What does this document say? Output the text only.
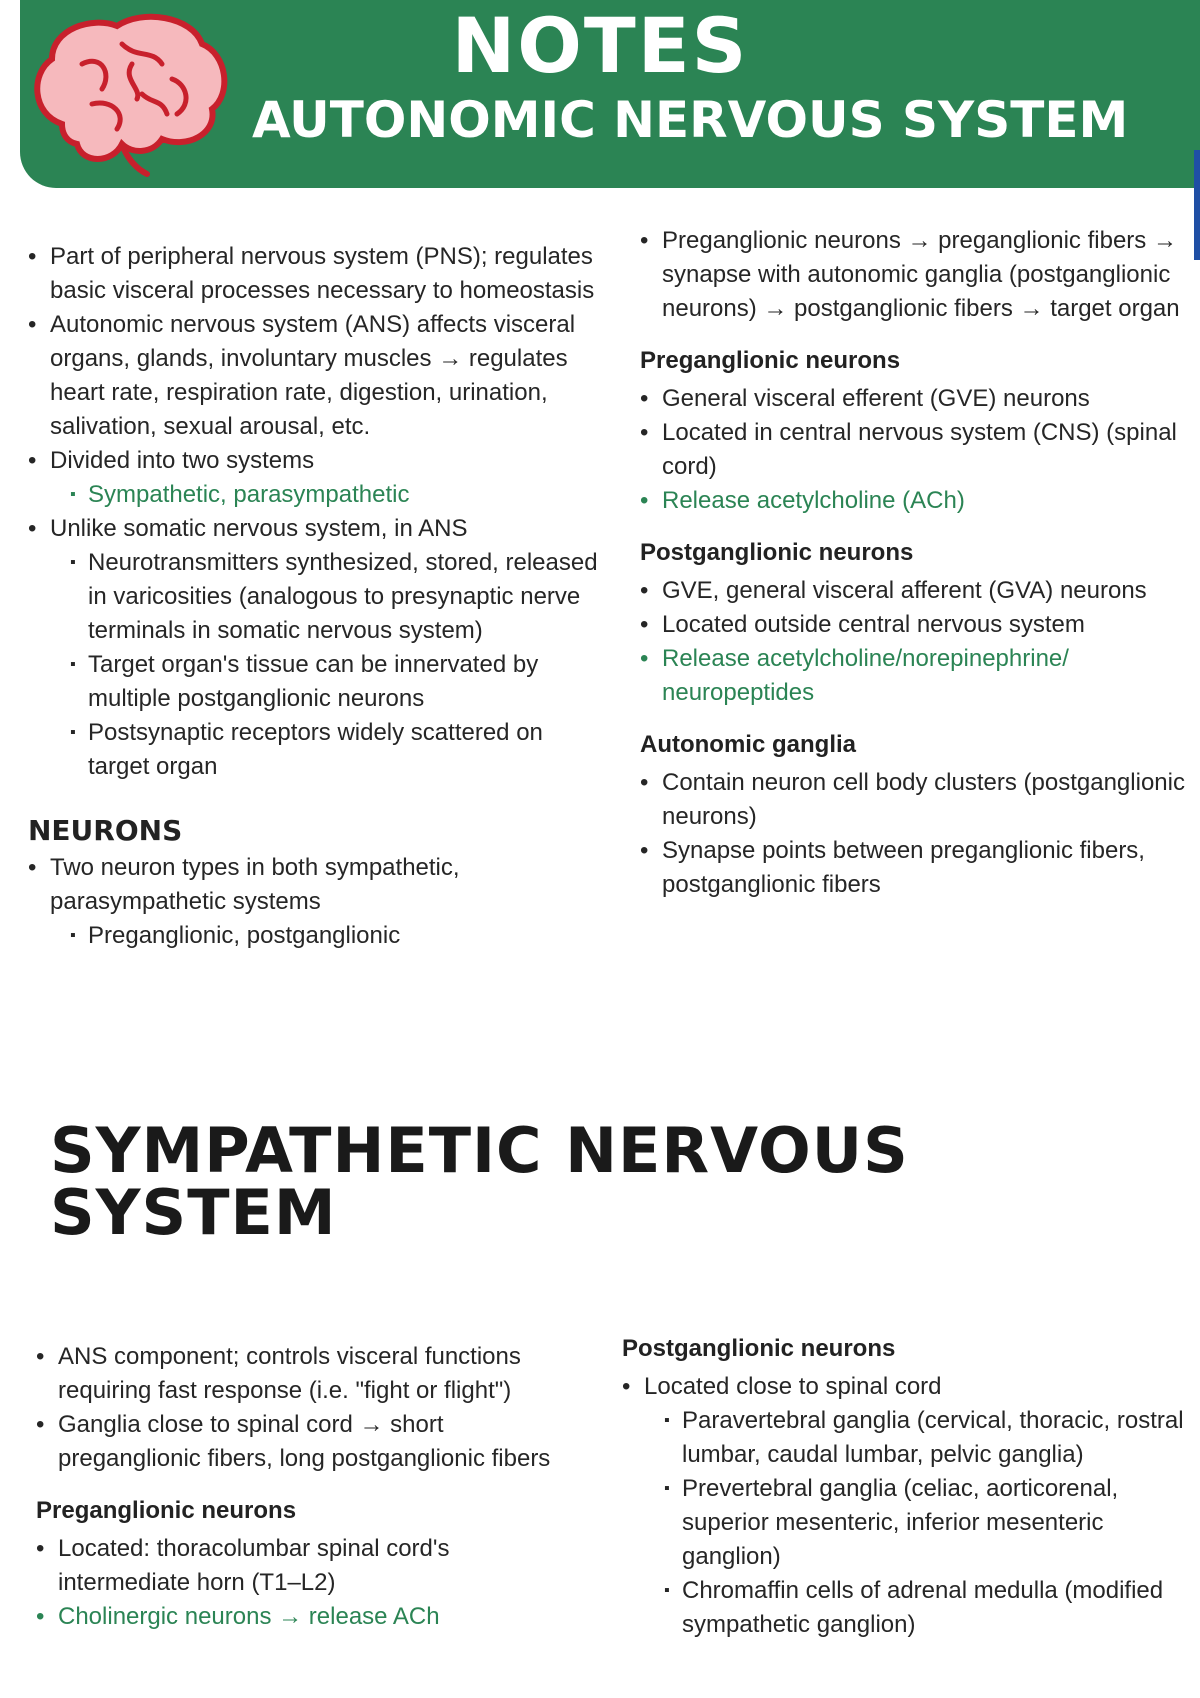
NOTES
AUTONOMIC NERVOUS SYSTEM

• Part of peripheral nervous system (PNS); regulates basic visceral processes necessary to homeostasis

• Autonomic nervous system (ANS) affects visceral organs, glands, involuntary muscles → regulates heart rate, respiration rate, digestion, urination, salivation, sexual arousal, etc.

• Divided into two systems

▪ Sympathetic, parasympathetic

• Unlike somatic nervous system, in ANS

▪ Neurotransmitters synthesized, stored, released in varicosities (analogous to presynaptic nerve terminals in somatic nervous system)

▪ Target organ's tissue can be innervated by multiple postganglionic neurons

▪ Postsynaptic receptors widely scattered on target organ

NEURONS

• Two neuron types in both sympathetic, parasympathetic systems

▪ Preganglionic, postganglionic

• Preganglionic neurons → preganglionic fibers → synapse with autonomic ganglia (postganglionic neurons) → postganglionic fibers → target organ

Preganglionic neurons

• General visceral efferent (GVE) neurons

• Located in central nervous system (CNS) (spinal cord)

• Release acetylcholine (ACh)

Postganglionic neurons

• GVE, general visceral afferent (GVA) neurons

• Located outside central nervous system

• Release acetylcholine/norepinephrine/ neuropeptides

Autonomic ganglia

• Contain neuron cell body clusters (postganglionic neurons)

• Synapse points between preganglionic fibers, postganglionic fibers

SYMPATHETIC NERVOUS SYSTEM

• ANS component; controls visceral functions requiring fast response (i.e. "fight or flight")

• Ganglia close to spinal cord → short preganglionic fibers, long postganglionic fibers

Preganglionic neurons

• Located: thoracolumbar spinal cord's intermediate horn (T1–L2)

• Cholinergic neurons → release ACh

Postganglionic neurons

• Located close to spinal cord

▪ Paravertebral ganglia (cervical, thoracic, rostral lumbar, caudal lumbar, pelvic ganglia)

▪ Prevertebral ganglia (celiac, aorticorenal, superior mesenteric, inferior mesenteric ganglion)

▪ Chromaffin cells of adrenal medulla (modified sympathetic ganglion)
